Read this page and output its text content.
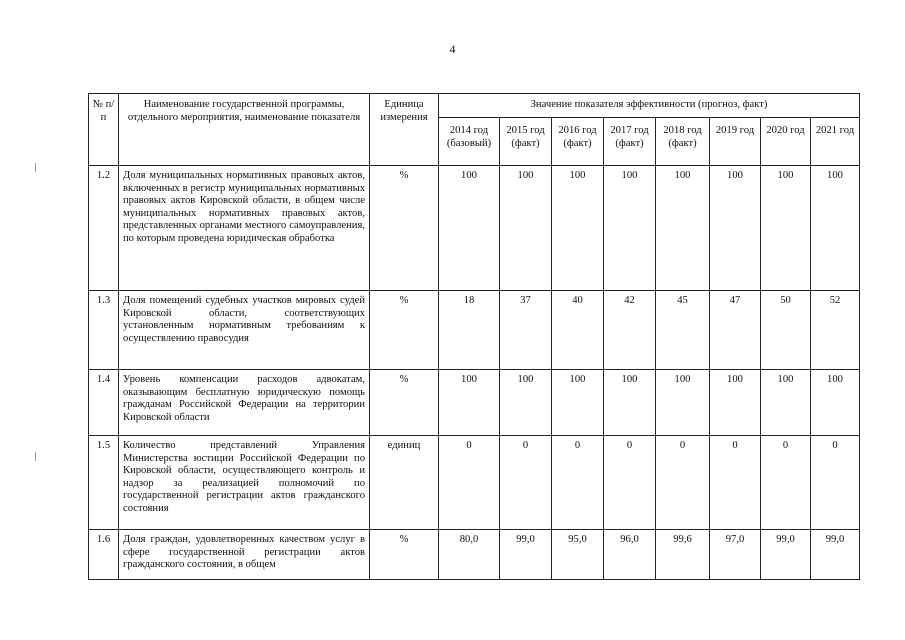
4
№ п/п	Наименование государственной программы, отдельного мероприятия, наименование показателя	Единица измерения	Значение показателя эффективности (прогноз, факт)							

			2014 год (базовый)	2015 год (факт)	2016 год (факт)	2017 год (факт)	2018 год (факт)	2019 год	2020 год	2021 год

1.2	Доля муниципальных нормативных правовых актов, включенных в регистр муниципальных нормативных правовых актов Кировской области, в общем числе муниципальных нормативных правовых актов, представленных органами местного самоуправления, по которым проведена юридическая обработка	%	100	100	100	100	100	100	100	100

1.3	Доля помещений судебных участков мировых судей Кировской области, соответствующих установленным нормативным требованиям к осуществлению правосудия	%	18	37	40	42	45	47	50	52

1.4	Уровень компенсации расходов адвокатам, оказывающим бесплатную юридическую помощь гражданам Российской Федерации на территории Кировской области	%	100	100	100	100	100	100	100	100

1.5	Количество представлений Управления Министерства юстиции Российской Федерации по Кировской области, осуществляющего контроль и надзор за реализацией полномочий по государственной регистрации актов гражданского состояния	единиц	0	0	0	0	0	0	0	0

1.6	Доля граждан, удовлетворенных качеством услуг в сфере государственной регистрации актов гражданского состояния, в общем	%	80,0	99,0	95,0	96,0	99,6	97,0	99,0	99,0
